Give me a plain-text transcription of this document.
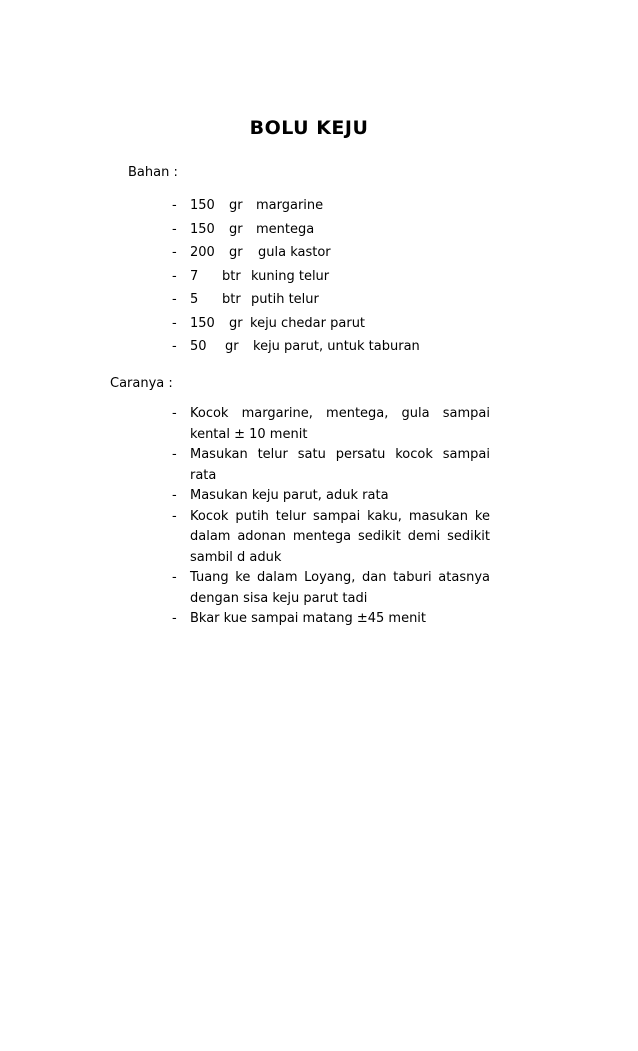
BOLU KEJU
Bahan :
- 150 gr margarine
- 150 gr mentega
- 200 gr gula kastor
- 7 btr kuning telur
- 5 btr putih telur
- 150 gr keju chedar parut
- 50 gr keju parut, untuk taburan
Caranya :
- Kocok margarine, mentega, gula sampai kental ± 10 menit
- Masukan telur satu persatu kocok sampai rata
- Masukan keju parut, aduk rata
- Kocok putih telur sampai kaku, masukan ke dalam adonan mentega sedikit demi sedikit sambil d aduk
- Tuang ke dalam Loyang, dan taburi atasnya dengan sisa keju parut tadi
- Bkar kue sampai matang ±45 menit
